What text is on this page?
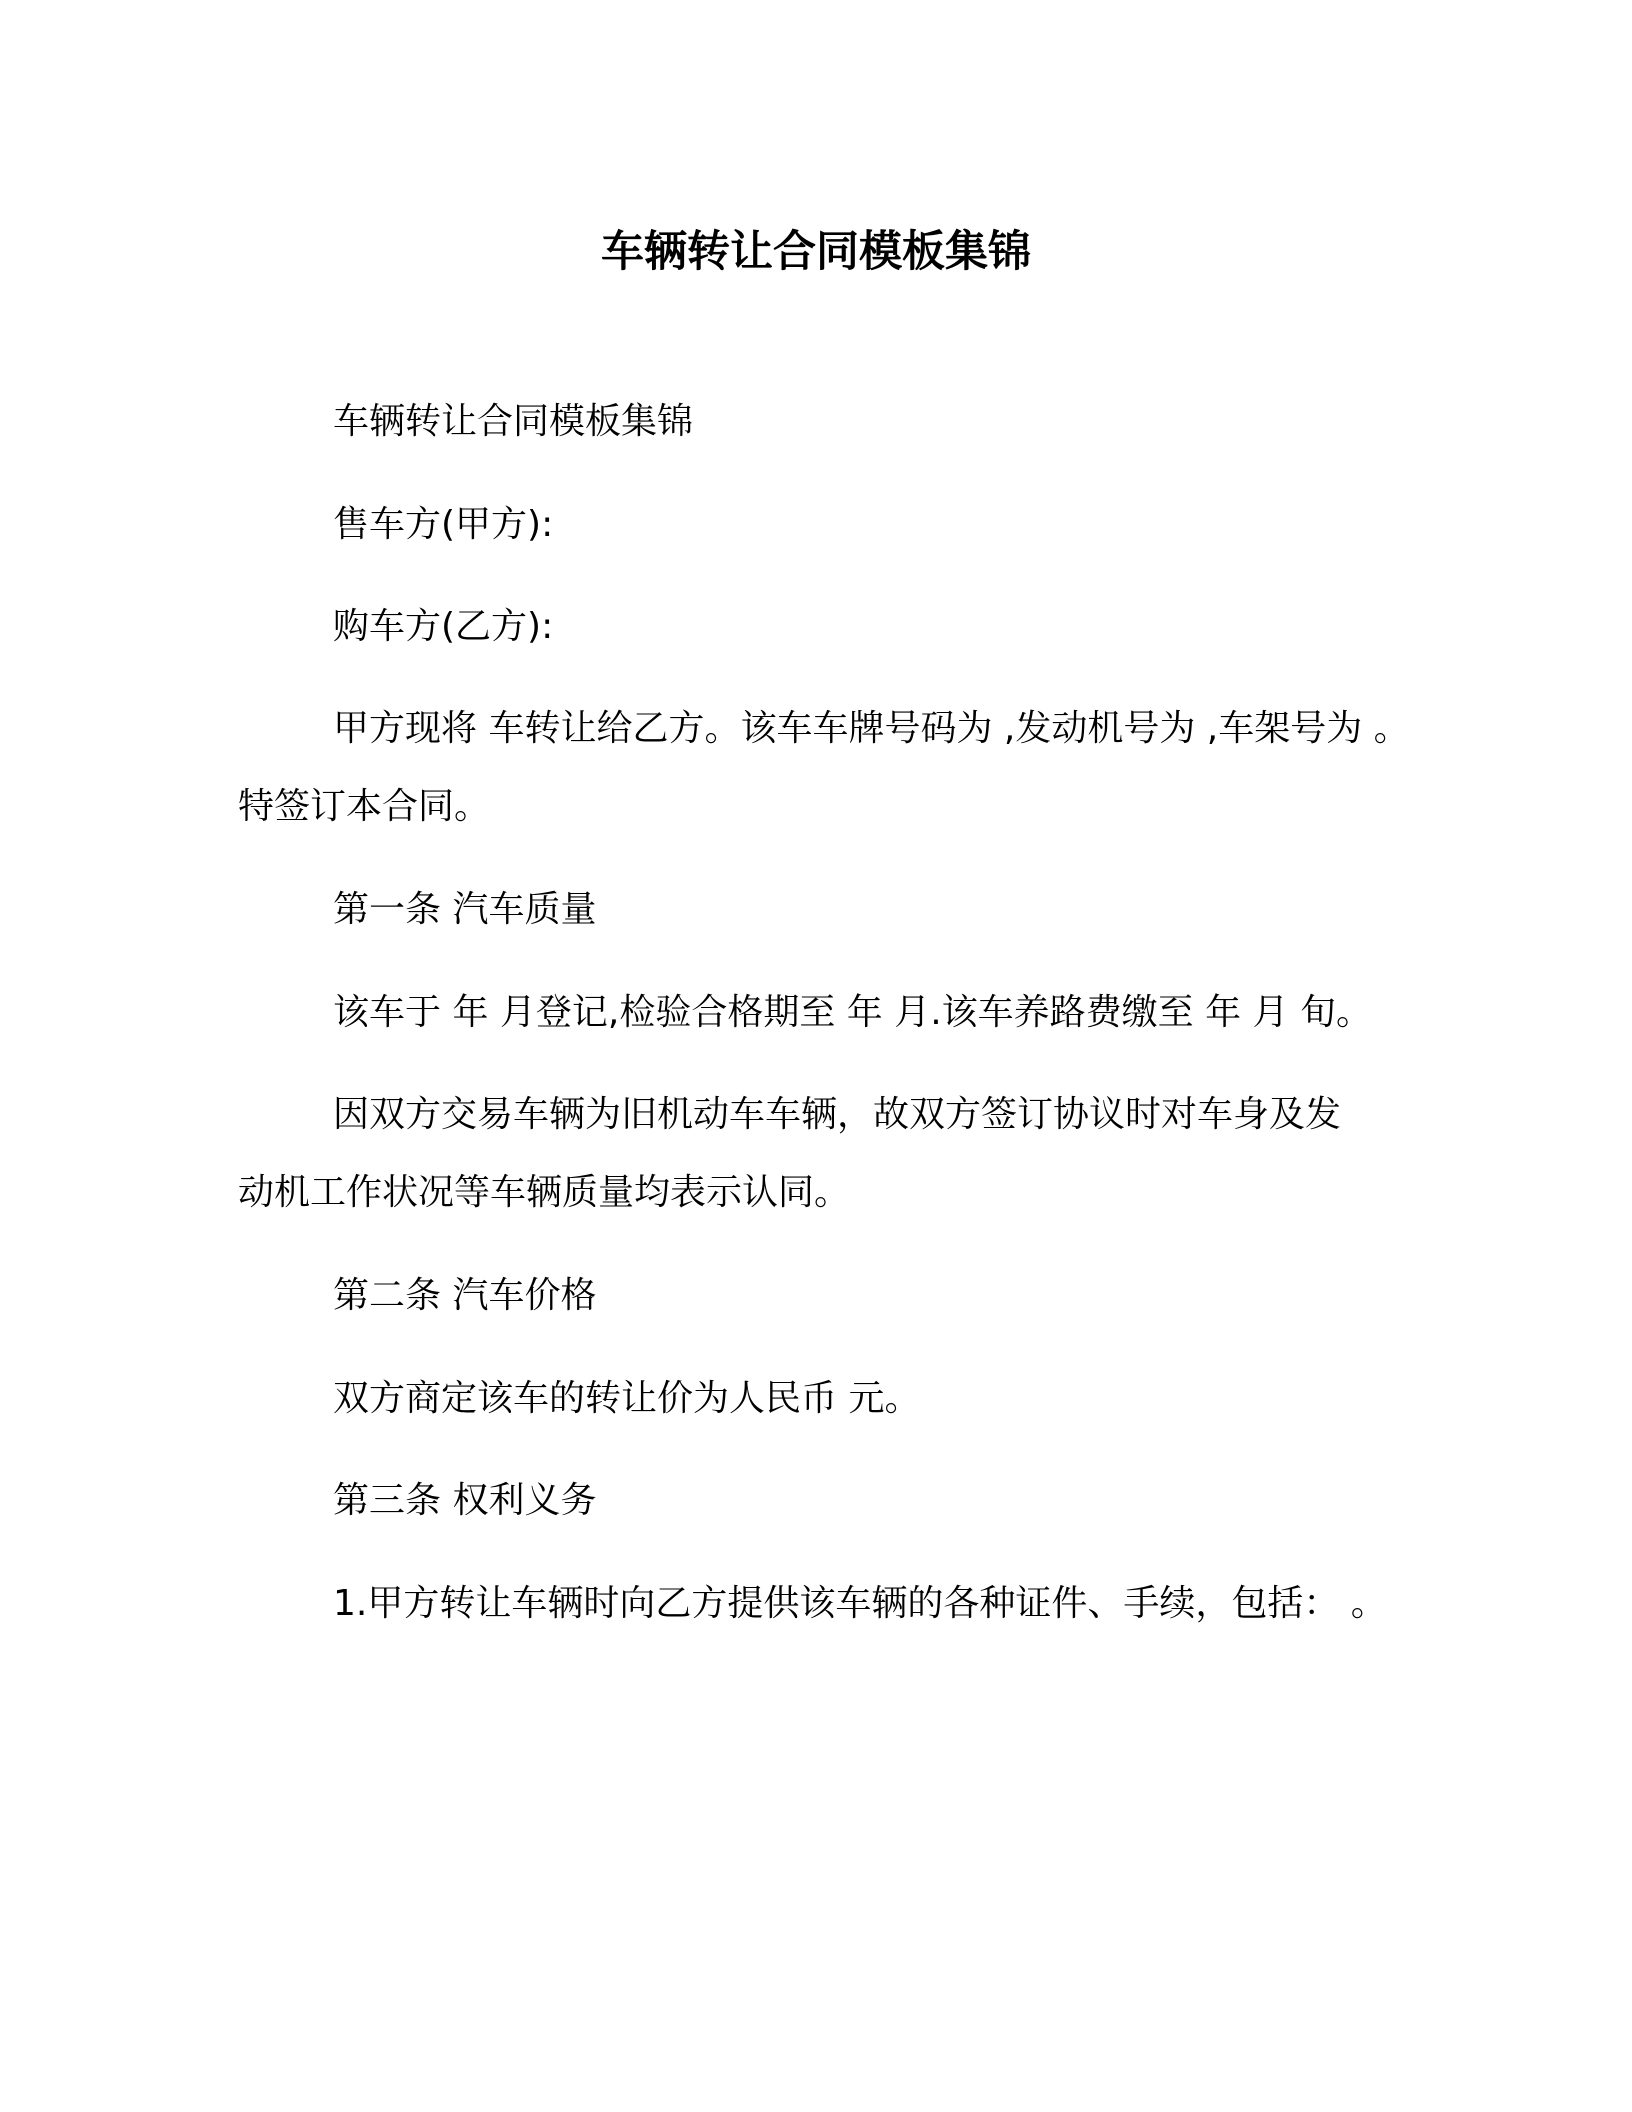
车辆转让合同模板集锦
车辆转让合同模板集锦
售车方(甲方):
购车方(乙方):
甲方现将 车转让给乙方。该车车牌号码为 ,发动机号为 ,车架号为 。
特签订本合同。
第一条 汽车质量
该车于 年 月登记,检验合格期至 年 月.该车养路费缴至 年 月 旬。
因双方交易车辆为旧机动车车辆，故双方签订协议时对车身及发
动机工作状况等车辆质量均表示认同。
第二条 汽车价格
双方商定该车的转让价为人民币 元。
第三条 权利义务
1.甲方转让车辆时向乙方提供该车辆的各种证件、手续，包括： 。
